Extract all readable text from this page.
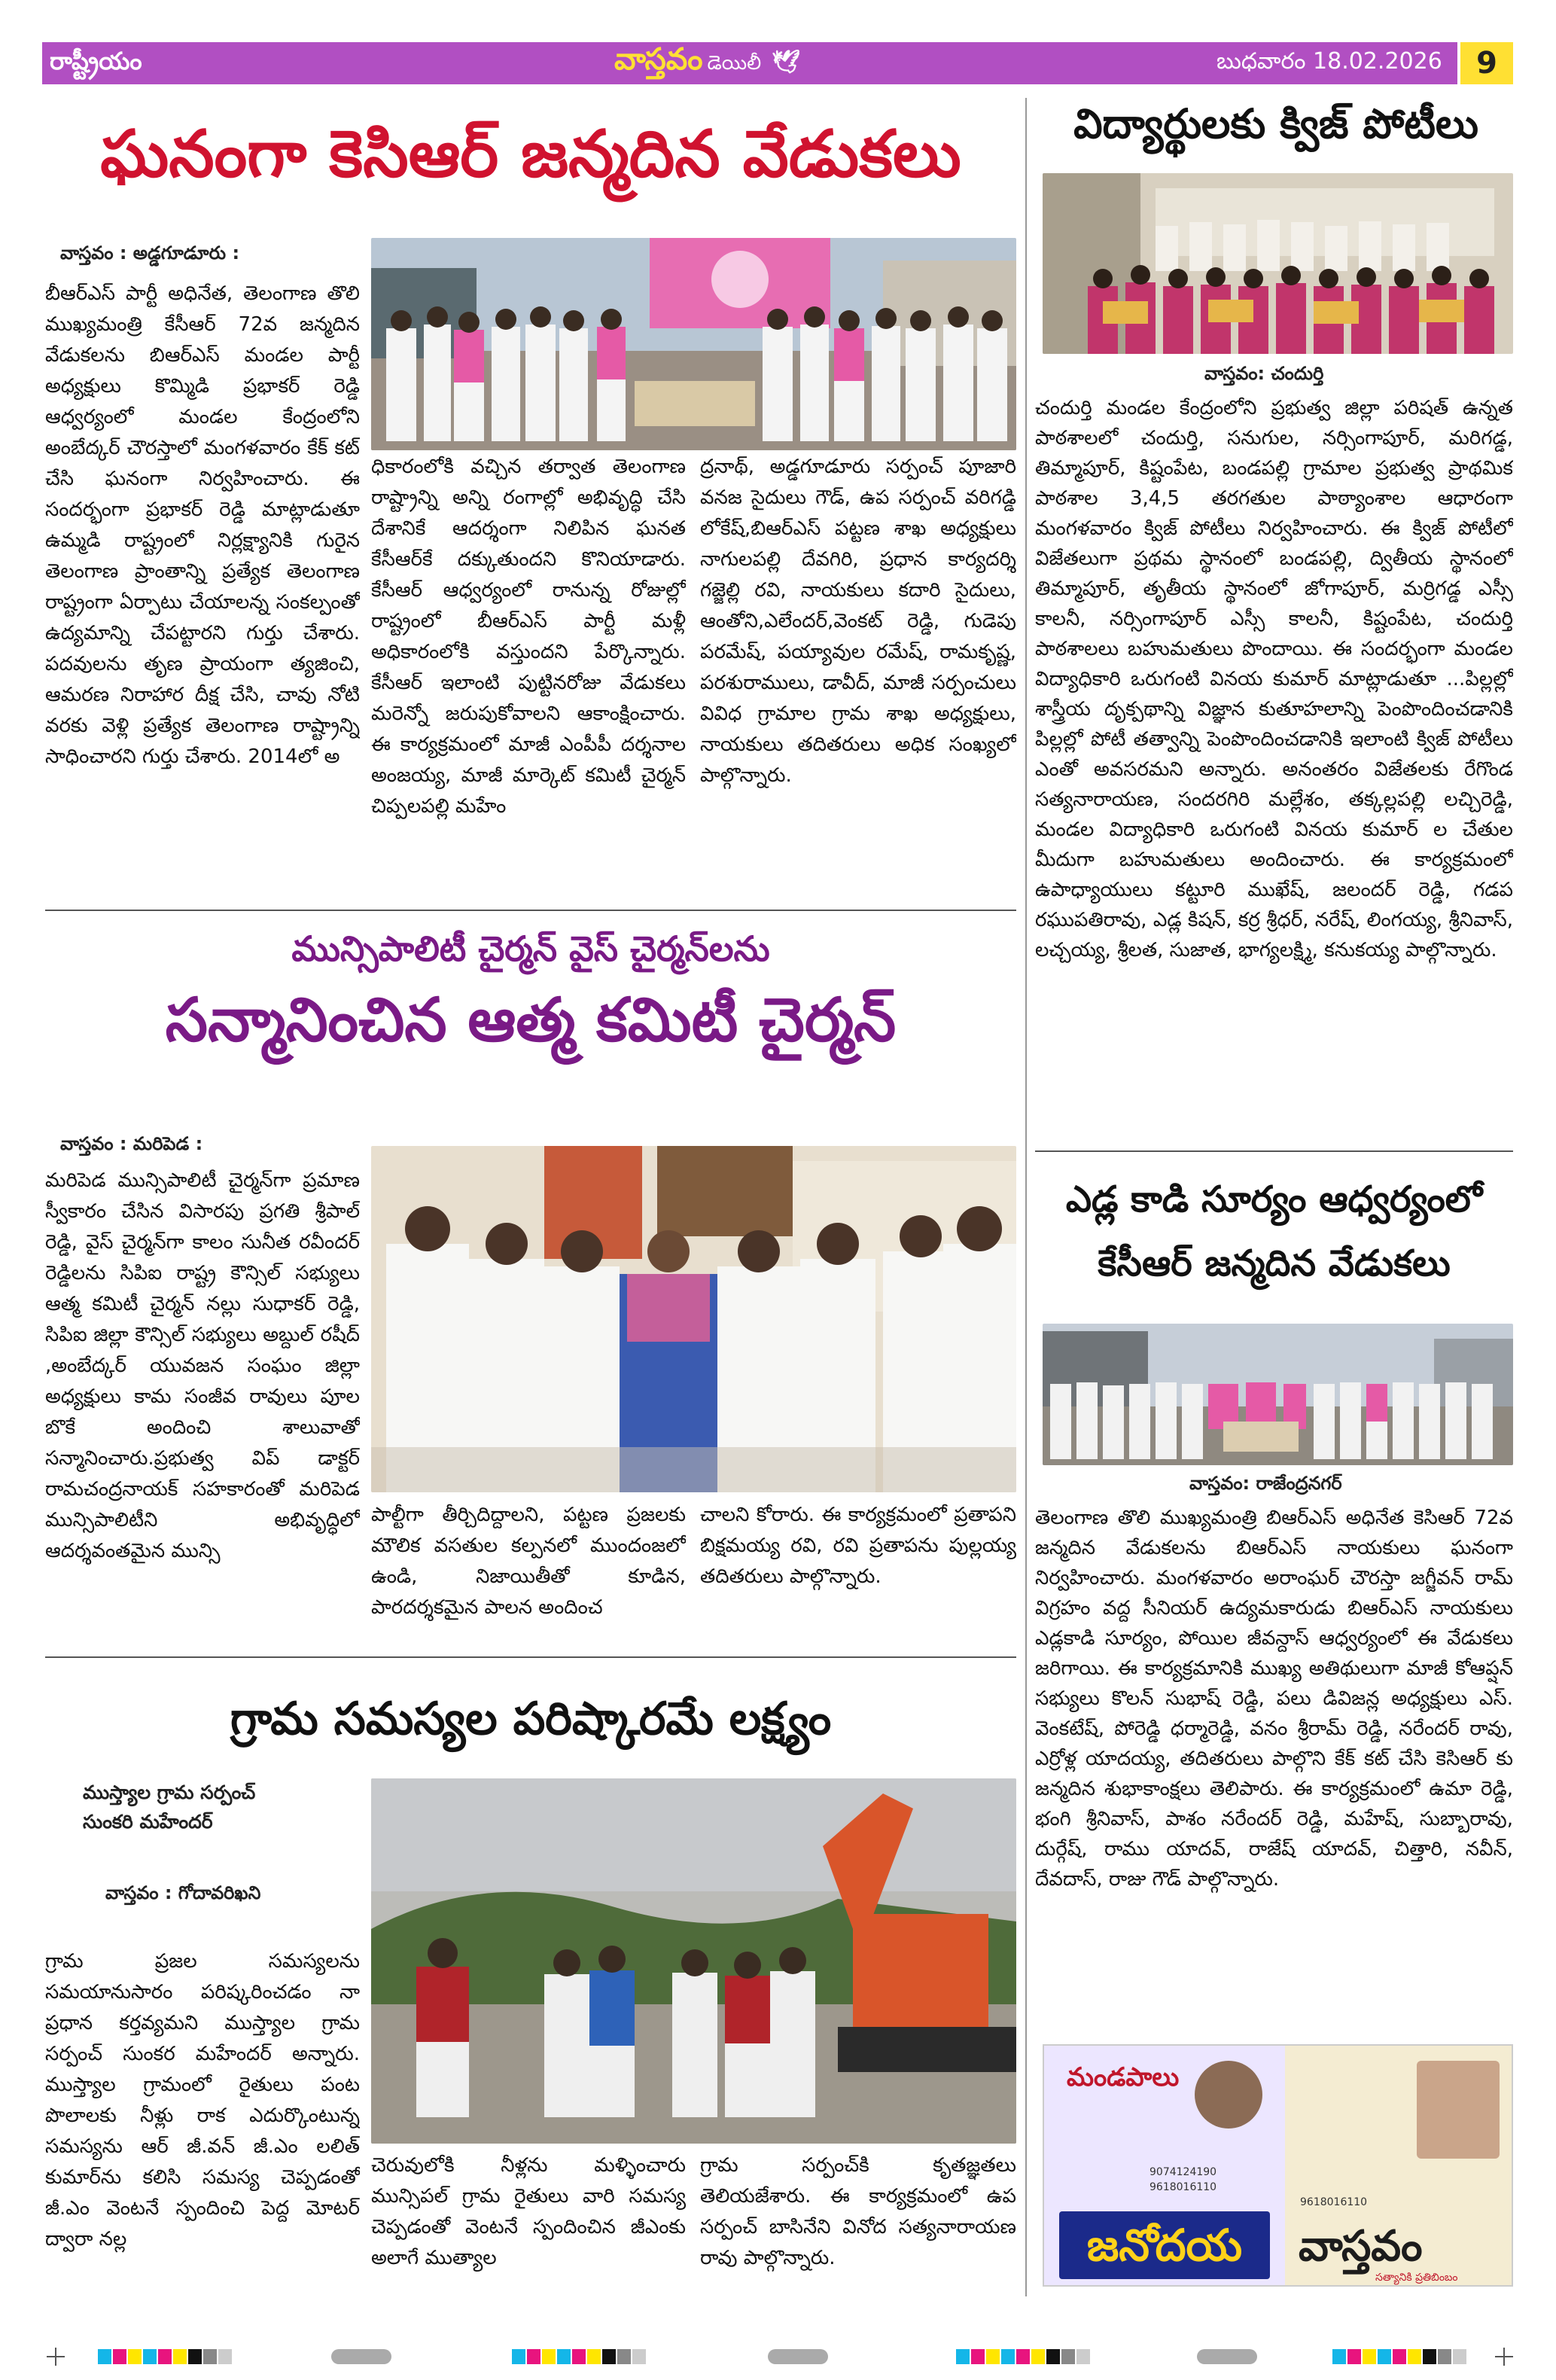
రాష్ట్రీయం	వాస్తవం డెయిలీ 🕊	బుధవారం 18.02.2026	9
ఘనంగా కెసిఆర్ జన్మదిన వేడుకలు
వాస్తవం : అడ్డగూడూరు :
బీఆర్ఎస్ పార్టీ అధినేత, తెలంగాణ తొలి ముఖ్యమంత్రి కేసీఆర్ 72వ జన్మదిన వేడుకలను బిఆర్ఎస్ మండల పార్టీ అధ్యక్షులు కొమ్మిడి ప్రభాకర్ రెడ్డి ఆధ్వర్యంలో మండల కేంద్రంలోని అంబేద్కర్ చౌరస్తాలో మంగళవారం కేక్ కట్ చేసి ఘనంగా నిర్వహించారు. ఈ సందర్భంగా ప్రభాకర్ రెడ్డి మాట్లాడుతూ ఉమ్మడి రాష్ట్రంలో నిర్లక్ష్యానికి గురైన తెలంగాణ ప్రాంతాన్ని ప్రత్యేక తెలంగాణ రాష్ట్రంగా ఏర్పాటు చేయాలన్న సంకల్పంతో ఉద్యమాన్ని చేపట్టారని గుర్తు చేశారు. పదవులను తృణ ప్రాయంగా త్యజించి, ఆమరణ నిరాహార దీక్ష చేసి, చావు నోటి వరకు వెళ్లి ప్రత్యేక తెలంగాణ రాష్ట్రాన్ని సాధించారని గుర్తు చేశారు. 2014లో అ
ధికారంలోకి వచ్చిన తర్వాత తెలంగాణ రాష్ట్రాన్ని అన్ని రంగాల్లో అభివృద్ధి చేసి దేశానికే ఆదర్శంగా నిలిపిన ఘనత కేసీఆర్‌కే దక్కుతుందని కొనియాడారు. కేసీఆర్ ఆధ్వర్యంలో రానున్న రోజుల్లో రాష్ట్రంలో బీఆర్ఎస్ పార్టీ మళ్లీ అధికారంలోకి వస్తుందని పేర్కొన్నారు. కేసీఆర్ ఇలాంటి పుట్టినరోజు వేడుకలు మరెన్నో జరుపుకోవాలని ఆకాంక్షించారు. ఈ కార్యక్రమంలో మాజీ ఎంపీపీ దర్శనాల అంజయ్య, మాజీ మార్కెట్ కమిటీ చైర్మన్ చిప్పలపల్లి మహేం
ద్రనాథ్, అడ్డగూడూరు సర్పంచ్ పూజారి వనజ సైదులు గౌడ్, ఉప సర్పంచ్ వరిగడ్డి లోకేష్,బిఆర్ఎస్ పట్టణ శాఖ అధ్యక్షులు నాగులపల్లి దేవగిరి, ప్రధాన కార్యదర్శి గజ్జెల్లి రవి, నాయకులు కదారి సైదులు, ఆంతోని,ఎలేందర్,వెంకట్ రెడ్డి, గుడెపు పరమేష్, పయ్యావుల రమేష్, రామకృష్ణ, పరశురాములు, డావీద్, మాజీ సర్పంచులు వివిధ గ్రామాల గ్రామ శాఖ అధ్యక్షులు, నాయకులు తదితరులు అధిక సంఖ్యలో పాల్గొన్నారు.
విద్యార్థులకు క్విజ్ పోటీలు
వాస్తవం: చందుర్తి
చందుర్తి మండల కేంద్రంలోని ప్రభుత్వ జిల్లా పరిషత్ ఉన్నత పాఠశాలలో చందుర్తి, సనుగుల, నర్సింగాపూర్, మరిగడ్డ, తిమ్మాపూర్, కిష్టంపేట, బండపల్లి గ్రామాల ప్రభుత్వ ప్రాథమిక పాఠశాల 3,4,5 తరగతుల పాఠ్యాంశాల ఆధారంగా మంగళవారం క్విజ్ పోటీలు నిర్వహించారు. ఈ క్విజ్ పోటీలో విజేతలుగా ప్రథమ స్థానంలో బండపల్లి, ద్వితీయ స్థానంలో తిమ్మాపూర్, తృతీయ స్థానంలో జోగాపూర్, మర్రిగడ్డ ఎస్సీ కాలనీ, నర్సింగాపూర్ ఎస్సీ కాలనీ, కిష్టంపేట, చందుర్తి పాఠశాలలు బహుమతులు పొందాయి. ఈ సందర్భంగా మండల విద్యాధికారి ఒరుగంటి వినయ కుమార్ మాట్లాడుతూ ...పిల్లల్లో శాస్త్రీయ దృక్పథాన్ని విజ్ఞాన కుతూహలాన్ని పెంపొందించడానికి పిల్లల్లో పోటీ తత్వాన్ని పెంపొందించడానికి ఇలాంటి క్విజ్ పోటీలు ఎంతో అవసరమని అన్నారు. అనంతరం విజేతలకు రేగొండ సత్యనారాయణ, సందరగిరి మల్లేశం, తక్కల్లపల్లి లచ్చిరెడ్డి, మండల విద్యాధికారి ఒరుగంటి వినయ కుమార్ ల చేతుల మీదుగా బహుమతులు అందించారు. ఈ కార్యక్రమంలో ఉపాధ్యాయులు కట్టూరి ముఖేష్, జలందర్ రెడ్డి, గడప రఘుపతిరావు, ఎడ్ల కిషన్, కర్ర శ్రీధర్, నరేష్, లింగయ్య, శ్రీనివాస్, లచ్చయ్య, శ్రీలత, సుజాత, భాగ్యలక్ష్మి, కనుకయ్య పాల్గొన్నారు.
మున్సిపాలిటీ చైర్మన్ వైస్ చైర్మన్‌లను
సన్మానించిన ఆత్మ కమిటీ చైర్మన్
వాస్తవం : మరిపెడ :
మరిపెడ మున్సిపాలిటీ చైర్మన్‌గా ప్రమాణ స్వీకారం చేసిన విసారపు ప్రగతి శ్రీపాల్ రెడ్డి, వైస్ చైర్మన్‌గా కాలం సునీత రవీందర్ రెడ్డిలను సిపిఐ రాష్ట్ర కౌన్సిల్ సభ్యులు ఆత్మ కమిటీ చైర్మన్ నల్లు సుధాకర్ రెడ్డి, సిపిఐ జిల్లా కౌన్సిల్ సభ్యులు అబ్దుల్ రషీద్ ,అంబేద్కర్ యువజన సంఘం జిల్లా అధ్యక్షులు కామ సంజీవ రావులు పూల బొకే అందించి శాలువాతో సన్మానించారు.ప్రభుత్వ విప్ డాక్టర్ రామచంద్రనాయక్ సహకారంతో మరిపెడ మున్సిపాలిటీని అభివృద్ధిలో ఆదర్శవంతమైన మున్సి
పాల్టీగా తీర్చిదిద్దాలని, పట్టణ ప్రజలకు మౌలిక వసతుల కల్పనలో ముందంజలో ఉండి, నిజాయితీతో కూడిన, పారదర్శకమైన పాలన అందించ
చాలని కోరారు. ఈ కార్యక్రమంలో ప్రతాపని బిక్షమయ్య రవి, రవి ప్రతాపను పుల్లయ్య తదితరులు పాల్గొన్నారు.
ఎడ్ల కాడి సూర్యం ఆధ్వర్యంలో
కేసీఆర్ జన్మదిన వేడుకలు
వాస్తవం: రాజేంద్రనగర్
తెలంగాణ తొలి ముఖ్యమంత్రి బిఆర్ఎస్ అధినేత కెసిఆర్ 72వ జన్మదిన వేడుకలను బిఆర్ఎస్ నాయకులు ఘనంగా నిర్వహించారు. మంగళవారం అరాంఘర్ చౌరస్తా జగ్జీవన్ రామ్ విగ్రహం వద్ద సీనియర్ ఉద్యమకారుడు బిఆర్ఎస్ నాయకులు ఎడ్లకాడి సూర్యం, పోయిల జీవన్దాస్ ఆధ్వర్యంలో ఈ వేడుకలు జరిగాయి. ఈ కార్యక్రమానికి ముఖ్య అతిథులుగా మాజీ కోఆప్షన్ సభ్యులు కొలన్ సుభాష్ రెడ్డి, పలు డివిజన్ల అధ్యక్షులు ఎస్. వెంకటేష్, పోరెడ్డి ధర్మారెడ్డి, వనం శ్రీరామ్ రెడ్డి, నరేందర్ రావు, ఎర్రోళ్ల యాదయ్య, తదితరులు పాల్గొని కేక్ కట్ చేసి కెసిఆర్ కు జన్మదిన శుభాకాంక్షలు తెలిపారు. ఈ కార్యక్రమంలో ఉమా రెడ్డి, భంగి శ్రీనివాస్, పాశం నరేందర్ రెడ్డి, మహేష్, సుబ్బారావు, దుర్గేష్, రాము యాదవ్, రాజేష్ యాదవ్, చిత్తారి, నవీన్, దేవదాస్, రాజు గౌడ్ పాల్గొన్నారు.
గ్రామ సమస్యల పరిష్కారమే లక్ష్యం
ముస్త్యాల గ్రామ సర్పంచ్
సుంకరి మహేందర్
వాస్తవం : గోదావరిఖని
గ్రామ ప్రజల సమస్యలను సమయానుసారం పరిష్కరించడం నా ప్రధాన కర్తవ్యమని ముస్త్యాల గ్రామ సర్పంచ్ సుంకర మహేందర్ అన్నారు. ముస్త్యాల గ్రామంలో రైతులు పంట పొలాలకు నీళ్లు రాక ఎదుర్కొంటున్న సమస్యను ఆర్ జీ.వన్ జీ.ఎం లలిత్ కుమార్‌ను కలిసి సమస్య చెప్పడంతో జీ.ఎం వెంటనే స్పందించి పెద్ద మోటర్ ద్వారా నల్ల
చెరువులోకి నీళ్లను మళ్ళించారు మున్సిపల్ గ్రామ రైతులు వారి సమస్య చెప్పడంతో వెంటనే స్పందించిన జీఎంకు అలాగే ముత్యాల
గ్రామ సర్పంచ్‌కి కృతజ్ఞతలు తెలియజేశారు. ఈ కార్యక్రమంలో ఉప సర్పంచ్ బాసినేని వినోద సత్యనారాయణ రావు పాల్గొన్నారు.
మండపాలు
9074124190
9618016110
జనోదయ
9618016110
వాస్తవం
సత్యానికి ప్రతిబింబం
